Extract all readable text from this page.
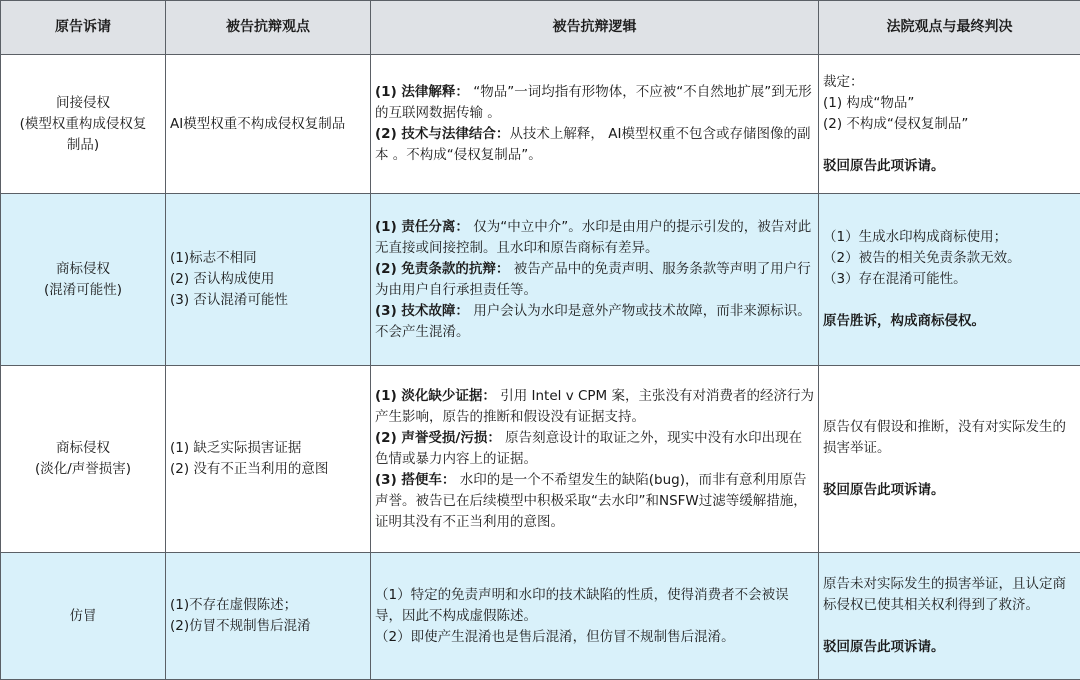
原告诉请	被告抗辩观点	被告抗辩逻辑	法院观点与最终判决

间接侵权
(模型权重构成侵权复
制品)	AI模型权重不构成侵权复制品	(1) 法律解释： “物品”一词均指有形物体，不应被“不自然地扩展”到无形的互联网数据传输 。
(2) 技术与法律结合：从技术上解释， AI模型权重不包含或存储图像的副本 。不构成“侵权复制品”。	裁定：
(1) 构成“物品”
(2) 不构成“侵权复制品”
驳回原告此项诉请。

商标侵权
(混淆可能性)	(1)标志不相同
(2) 否认构成使用
(3) 否认混淆可能性	(1) 责任分离： 仅为“中立中介”。水印是由用户的提示引发的，被告对此无直接或间接控制。且水印和原告商标有差异。
(2) 免责条款的抗辩： 被告产品中的免责声明、服务条款等声明了用户行为由用户自行承担责任等。
(3) 技术故障： 用户会认为水印是意外产物或技术故障，而非来源标识。不会产生混淆。	（1）生成水印构成商标使用；
（2）被告的相关免责条款无效。
（3）存在混淆可能性。
原告胜诉，构成商标侵权。

商标侵权
(淡化/声誉损害)	(1) 缺乏实际损害证据
(2) 没有不正当利用的意图	(1) 淡化缺少证据： 引用 Intel v CPM 案，主张没有对消费者的经济行为产生影响，原告的推断和假设没有证据支持。
(2) 声誉受损/污损： 原告刻意设计的取证之外，现实中没有水印出现在色情或暴力内容上的证据。
(3) 搭便车： 水印的是一个不希望发生的缺陷(bug)，而非有意利用原告声誉。被告已在后续模型中积极采取“去水印”和NSFW过滤等缓解措施，证明其没有不正当利用的意图。	原告仅有假设和推断，没有对实际发生的损害举证。
驳回原告此项诉请。

仿冒	(1)不存在虚假陈述；
(2)仿冒不规制售后混淆	（1）特定的免责声明和水印的技术缺陷的性质，使得消费者不会被误导，因此不构成虚假陈述。
（2）即使产生混淆也是售后混淆，但仿冒不规制售后混淆。	原告未对实际发生的损害举证，且认定商标侵权已使其相关权利得到了救济。
驳回原告此项诉请。
